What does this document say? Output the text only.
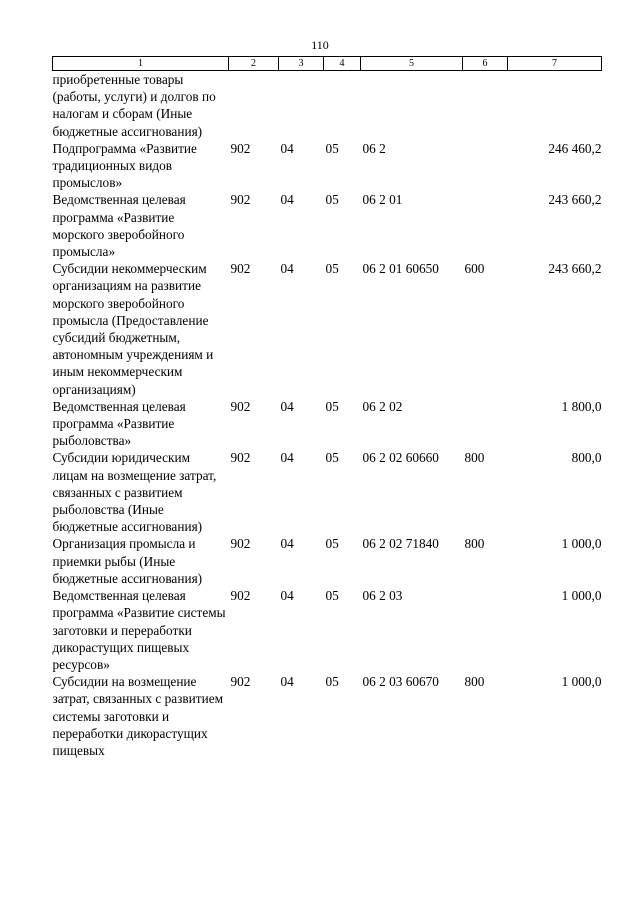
110
1	2	3	4	5	6	7
приобретенные товары (работы, услуги) и долгов по налогам и сборам (Иные бюджетные ассигнования)						
Подпрограмма «Развитие традиционных видов промыслов»	902	04	05	06 2		246 460,2
Ведомственная целевая программа «Развитие морского зверобойного промысла»	902	04	05	06 2 01		243 660,2
Субсидии некоммерческим организациям на развитие морского зверобойного промысла (Предоставление субсидий бюджетным, автономным учреждениям и иным некоммерческим организациям)	902	04	05	06 2 01 60650	600	243 660,2
Ведомственная целевая программа «Развитие рыболовства»	902	04	05	06 2 02		1 800,0
Субсидии юридическим лицам на возмещение затрат, связанных с развитием рыболовства (Иные бюджетные ассигнования)	902	04	05	06 2 02 60660	800	800,0
Организация промысла и приемки рыбы (Иные бюджетные ассигнования)	902	04	05	06 2 02 71840	800	1 000,0
Ведомственная целевая программа «Развитие системы заготовки и переработки дикорастущих пищевых ресурсов»	902	04	05	06 2 03		1 000,0
Субсидии на возмещение затрат, связанных с развитием системы заготовки и переработки дикорастущих пищевых	902	04	05	06 2 03 60670	800	1 000,0
